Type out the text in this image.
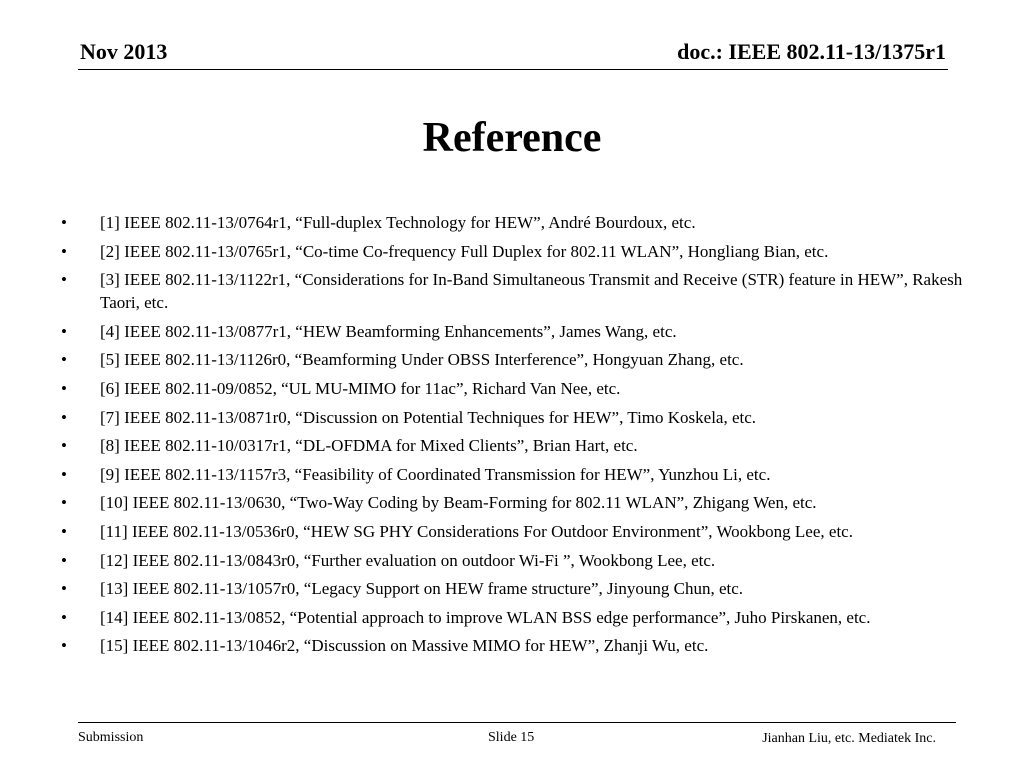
Nov 2013	doc.: IEEE 802.11-13/1375r1
Reference
• [1] IEEE 802.11-13/0764r1, “Full-duplex Technology for HEW”, André Bourdoux, etc.
• [2] IEEE 802.11-13/0765r1, “Co-time Co-frequency Full Duplex for 802.11 WLAN”, Hongliang Bian, etc.
• [3] IEEE 802.11-13/1122r1, “Considerations for In-Band Simultaneous Transmit and Receive (STR) feature in HEW”, Rakesh Taori, etc.
• [4] IEEE 802.11-13/0877r1, “HEW Beamforming Enhancements”, James Wang, etc.
• [5] IEEE 802.11-13/1126r0, “Beamforming Under OBSS Interference”, Hongyuan Zhang, etc.
• [6] IEEE 802.11-09/0852, “UL MU-MIMO for 11ac”, Richard Van Nee, etc.
• [7] IEEE 802.11-13/0871r0, “Discussion on Potential Techniques for HEW”, Timo Koskela, etc.
• [8] IEEE 802.11-10/0317r1, “DL-OFDMA for Mixed Clients”, Brian Hart, etc.
• [9] IEEE 802.11-13/1157r3, “Feasibility of Coordinated Transmission for HEW”, Yunzhou Li, etc.
• [10] IEEE 802.11-13/0630, “Two-Way Coding by Beam-Forming for 802.11 WLAN”, Zhigang Wen, etc.
• [11] IEEE 802.11-13/0536r0, “HEW SG PHY Considerations For Outdoor Environment”, Wookbong Lee, etc.
• [12] IEEE 802.11-13/0843r0, “Further evaluation on outdoor Wi-Fi ”, Wookbong Lee, etc.
• [13] IEEE 802.11-13/1057r0, “Legacy Support on HEW frame structure”, Jinyoung Chun, etc.
• [14] IEEE 802.11-13/0852, “Potential approach to improve WLAN BSS edge performance”, Juho Pirskanen, etc.
• [15] IEEE 802.11-13/1046r2, “Discussion on Massive MIMO for HEW”, Zhanji Wu, etc.
Submission	Slide 15	Jianhan Liu, etc. Mediatek Inc.
